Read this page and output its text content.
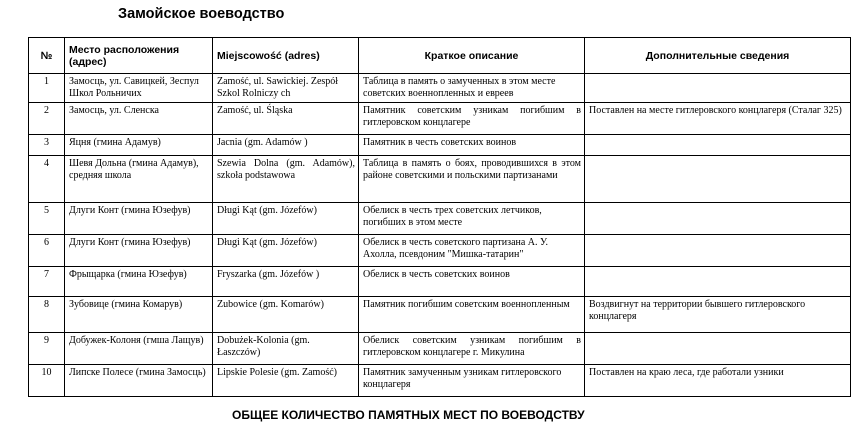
Замойское воеводство
№	Место расположения (адрес)	Miejscowość (adres)	Краткое описание	Дополнительные сведения
1	Замосць, ул. Савицкей, Зеспул Школ Рольничих	Zamość, ul. Sawickiej. Zespół Szkol Rolniczy ch	Таблица в память о замученных в этом месте советских военнопленных и евреев	
2	Замосць, ул. Сленска	Zamość, ul. Śląska	Памятник советским узникам погибшим в гитлеровском концлагере	Поставлен на месте гитлеровского концлагеря (Сталаг 325)
3	Яцня (гмина Адамув)	Jacnia (gm. Adamów )	Памятник в честь советских воинов	
4	Шевя Дольна (гмина Адамув), средняя школа	Szewia Dolna (gm. Adamów), szkoła podstawowa	Таблица в память о боях, проводившихся в этом районе советскими и польскими партизанами	
5	Длуги Конт (гмина Юзефув)	Długi Kąt (gm. Józefów)	Обелиск в честь трех советских летчиков, погибших в этом месте	
6	Длуги Конт (гмина Юзефув)	Długi Kąt (gm. Józefów)	Обелиск в честь советского партизана А. У. Ахолла, псевдоним "Мишка-татарин"	
7	Фрыщарка (гмина Юзефув)	Fryszarka (gm. Józefów )	Обелиск в честь советских воинов	
8	Зубовице (гмина Комарув)	Zubowice (gm. Komarów)	Памятник погибшим советским военнопленным	Воздвигнут на территории бывшего гитлеровского концлагеря
9	Добужек-Колоня (гмша Лащув)	Dobużek-Kolonia (gm. Łaszczów)	Обелиск советским узникам погибшим в гитлеровском концлагере г. Микулина	
10	Липске Полесе (гмина Замосць)	Lipskie Polesie (gm. Zamość)	Памятник замученным узникам гитлеровского концлагеря	Поставлен на краю леса, где работали узники
ОБЩЕЕ КОЛИЧЕСТВО ПАМЯТНЫХ МЕСТ ПО ВОЕВОДСТВУ
